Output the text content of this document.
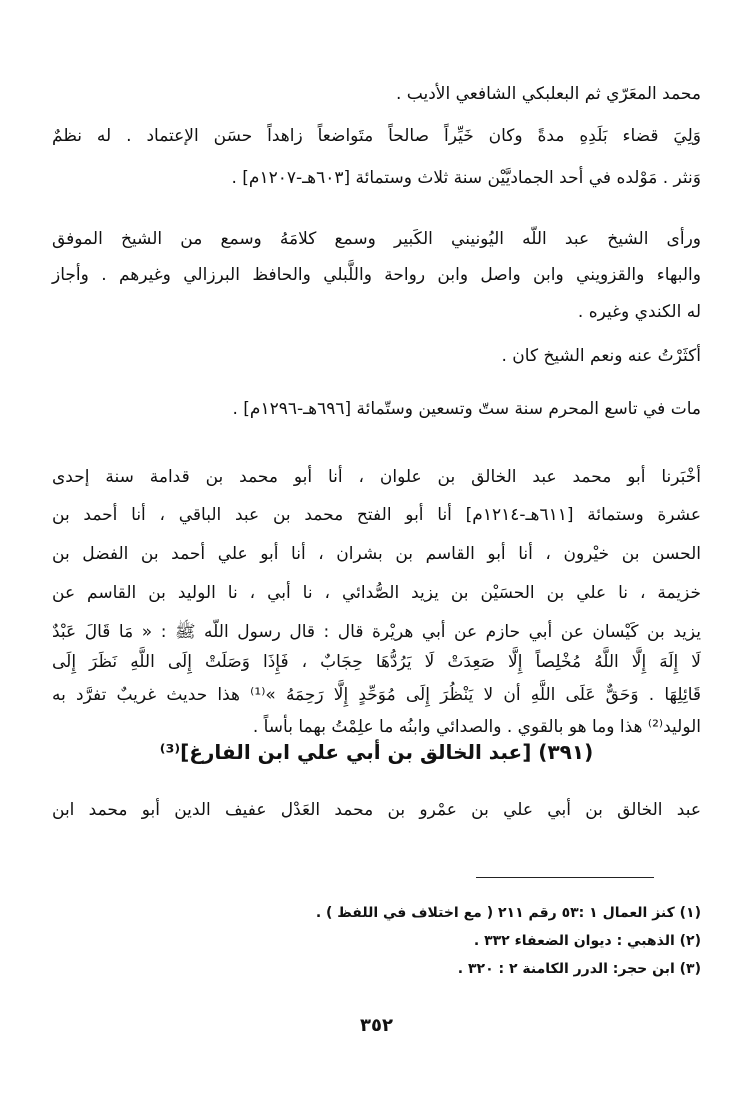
محمد المعَرّي ثم البعلبكي الشافعي الأديب .
وَلِيَ قضاء بَلَدِهِ مدةً وكان خَيِّراً صالحاً متَواضعاً زاهداً حسَن الإعتماد . له نظمٌ
وَنثر . مَوْلده في أحد الجماديَّيْن سنة ثلاث وستمائة [٦٠٣هـ-١٢٠٧م] .
ورأى الشيخ عبد اللّه اليُونيني الكَبير وسمع كلامَهُ وسمع من الشيخ الموفق
والبهاء والقزويني وابن واصل وابن رواحة واللَّبلي والحافظ البرزالي وغيرهم . وأجاز
له الكندي وغيره .
أكثَرْتُ عنه ونعم الشيخ كان .
مات في تاسع المحرم سنة ستّ وتسعين وستّمائة [٦٩٦هـ-١٢٩٦م] .
أخْبَرنا أبو محمد عبد الخالق بن علوان ، أنا أبو محمد بن قدامة سنة إحدى
عشرة وستمائة [٦١١هـ-١٢١٤م] أنا أبو الفتح محمد بن عبد الباقي ، أنا أحمد بن
الحسن بن خيْرون ، أنا أبو القاسم بن بشران ، أنا أبو علي أحمد بن الفضل بن
خزيمة ، نا علي بن الحسَيْن بن يزيد الصُّدائي ، نا أبي ، نا الوليد بن القاسم عن
يزيد بن كَيْسان عن أبي حازم عن أبي هريْرة قال : قال رسول اللّه ﷺ : « مَا قَالَ عَبْدٌ
لَا إِلَهَ إِلَّا اللَّهُ مُخْلِصاً إِلَّا صَعِدَتْ لَا يَرُدُّهَا حِجَابٌ ، فَإِذَا وَصَلَتْ إِلَى اللَّهِ نَظَرَ إِلَى
قَائِلِهَا . وَحَقٌّ عَلَى اللَّهِ أن لا يَنْظُرَ إِلَى مُوَحِّدٍ إِلَّا رَحِمَهُ »⁽¹⁾ هذا حديث غريبٌ تفرَّد به
الوليد⁽²⁾ هذا وما هو بالقوي . والصدائي وابنُه ما علِمْتُ بهما بأساً .
(٣٩١) [عبد الخالق بن أبي علي ابن الفارغ]⁽³⁾
عبد الخالق بن أبي علي بن عمْرو بن محمد العَدْل عفيف الدين أبو محمد ابن
(١) كنز العمال ١ :٥٣ رقم ٢١١ ( مع اختلاف في اللفظ ) .
(٢) الذهبي : ديوان الضعفاء ٣٣٢ .
(٣) ابن حجر: الدرر الكامنة ٢ : ٣٢٠ .
٣٥٢
